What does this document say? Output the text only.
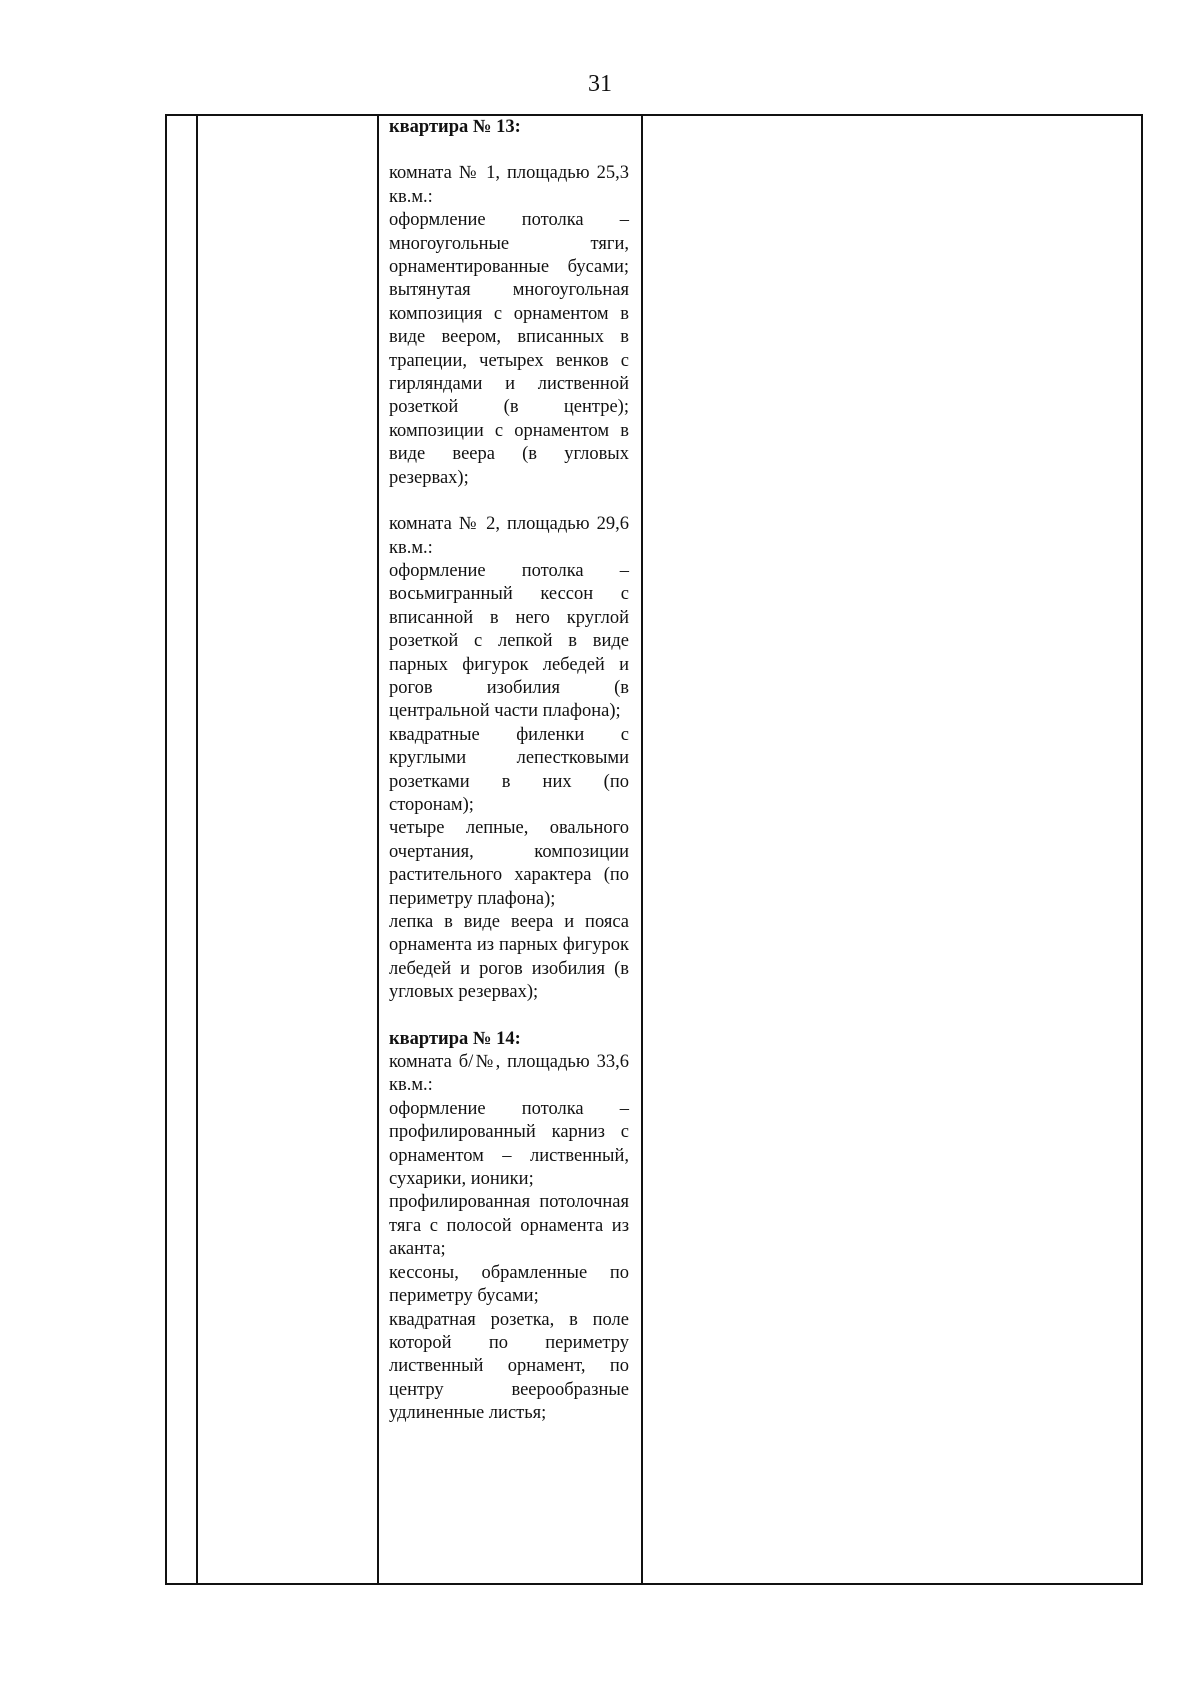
31

квартира № 13:

комната № 1, площадью 25,3 кв.м.:

оформление потолка – многоугольные тяги, орнаментированные бусами; вытянутая многоугольная композиция с орнаментом в виде веером, вписанных в трапеции, четырех венков с гирляндами и лиственной розеткой (в центре); композиции с орнаментом в виде веера (в угловых резервах);

комната № 2, площадью 29,6 кв.м.:

оформление потолка – восьмигранный кессон с вписанной в него круглой розеткой с лепкой в виде парных фигурок лебедей и рогов изобилия (в центральной части плафона);

квадратные филенки с круглыми лепестковыми розетками в них (по сторонам);

четыре лепные, овального очертания, композиции растительного характера (по периметру плафона);

лепка в виде веера и пояса орнамента из парных фигурок лебедей и рогов изобилия (в угловых резервах);

квартира № 14:

комната б/№, площадью 33,6 кв.м.:

оформление потолка – профилированный карниз с орнаментом – лиственный, сухарики, ионики;

профилированная потолочная тяга с полосой орнамента из аканта;

кессоны, обрамленные по периметру бусами;

квадратная розетка, в поле которой по периметру лиственный орнамент, по центру веерообразные удлиненные листья;
